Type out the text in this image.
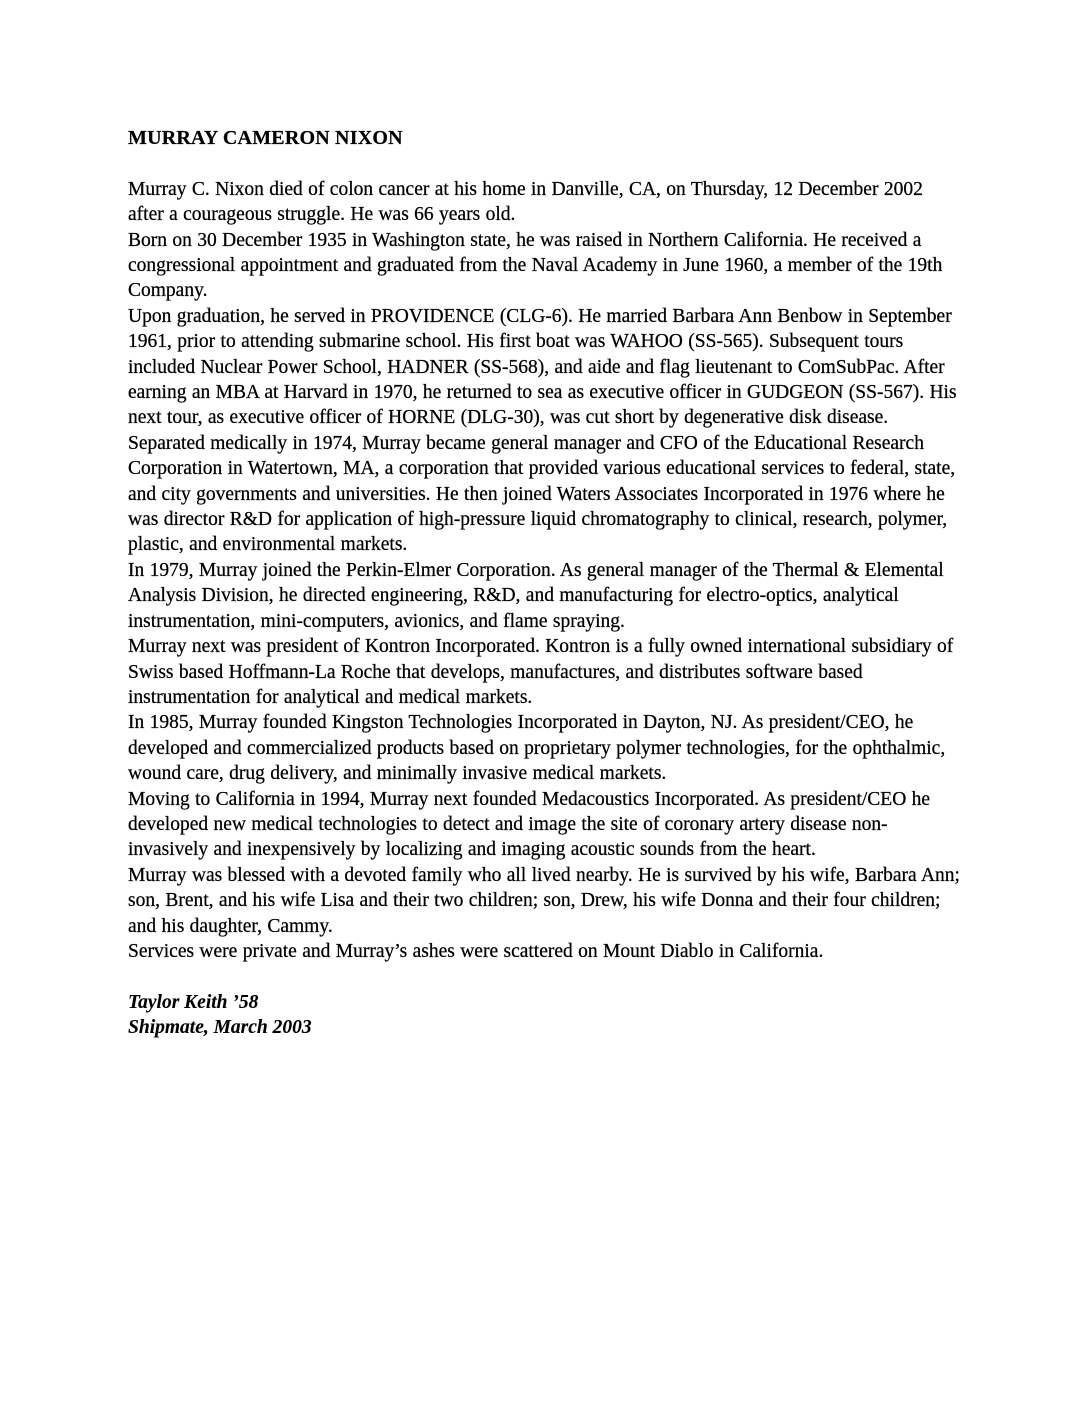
MURRAY CAMERON NIXON

Murray C. Nixon died of colon cancer at his home in Danville, CA, on Thursday, 12 December 2002 after a courageous struggle. He was 66 years old.

Born on 30 December 1935 in Washington state, he was raised in Northern California. He received a congressional appointment and graduated from the Naval Academy in June 1960, a member of the 19th Company.

Upon graduation, he served in PROVIDENCE (CLG-6). He married Barbara Ann Benbow in September 1961, prior to attending submarine school. His first boat was WAHOO (SS-565). Subsequent tours included Nuclear Power School, HADNER (SS-568), and aide and flag lieutenant to ComSubPac. After earning an MBA at Harvard in 1970, he returned to sea as executive officer in GUDGEON (SS-567). His next tour, as executive officer of HORNE (DLG-30), was cut short by degenerative disk disease.

Separated medically in 1974, Murray became general manager and CFO of the Educational Research Corporation in Watertown, MA, a corporation that provided various educational services to federal, state, and city governments and universities. He then joined Waters Associates Incorporated in 1976 where he was director R&D for application of high-pressure liquid chromatography to clinical, research, polymer, plastic, and environmental markets.

In 1979, Murray joined the Perkin-Elmer Corporation. As general manager of the Thermal & Elemental Analysis Division, he directed engineering, R&D, and manufacturing for electro-optics, analytical instrumentation, mini-computers, avionics, and flame spraying.

Murray next was president of Kontron Incorporated. Kontron is a fully owned international subsidiary of Swiss based Hoffmann-La Roche that develops, manufactures, and distributes software based instrumentation for analytical and medical markets.

In 1985, Murray founded Kingston Technologies Incorporated in Dayton, NJ. As president/CEO, he developed and commercialized products based on proprietary polymer technologies, for the ophthalmic, wound care, drug delivery, and minimally invasive medical markets.

Moving to California in 1994, Murray next founded Medacoustics Incorporated. As president/CEO he developed new medical technologies to detect and image the site of coronary artery disease non-invasively and inexpensively by localizing and imaging acoustic sounds from the heart.

Murray was blessed with a devoted family who all lived nearby. He is survived by his wife, Barbara Ann; son, Brent, and his wife Lisa and their two children; son, Drew, his wife Donna and their four children; and his daughter, Cammy.

Services were private and Murray’s ashes were scattered on Mount Diablo in California.

Taylor Keith ’58

Shipmate, March 2003
